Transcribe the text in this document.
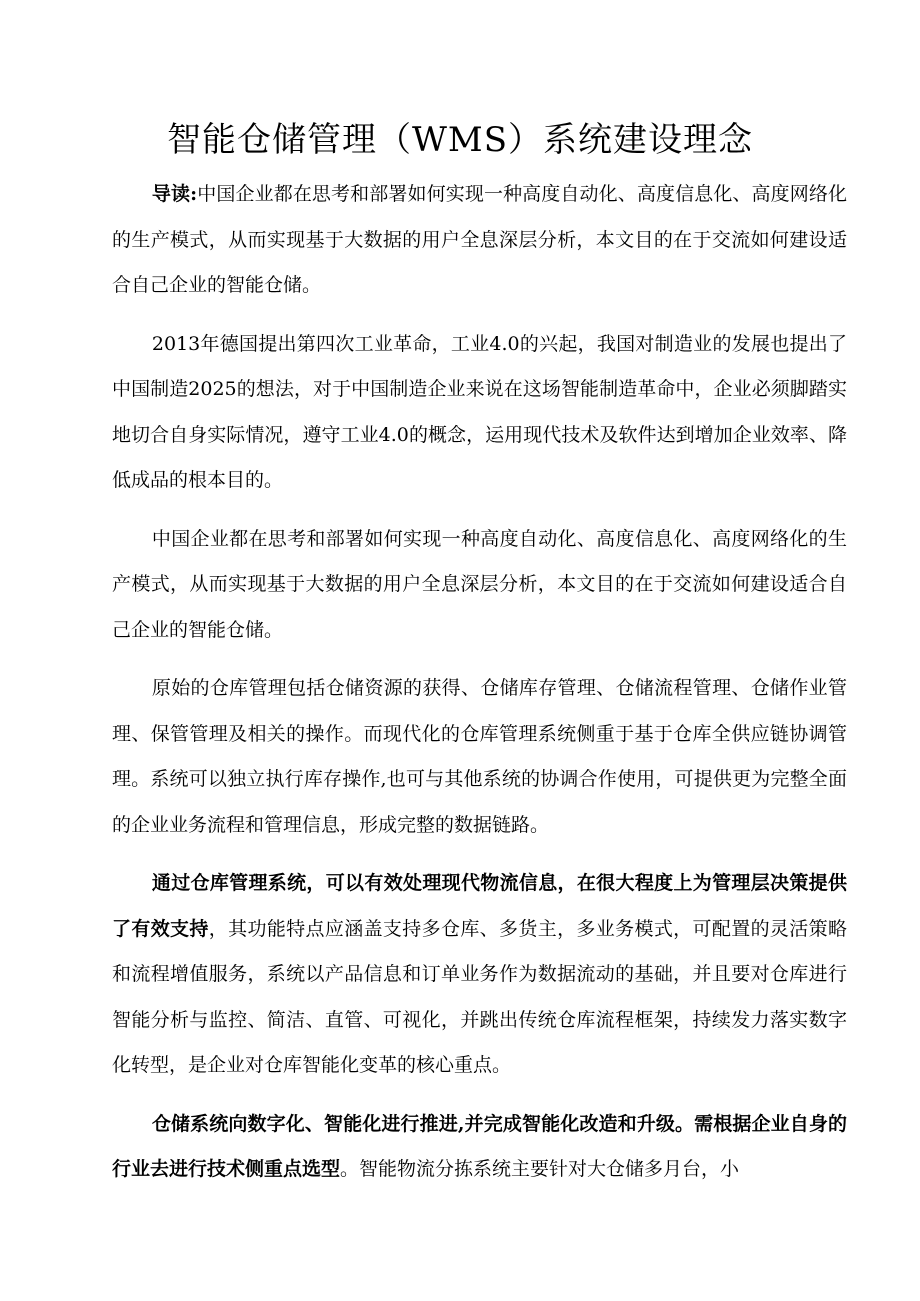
智能仓储管理（WMS）系统建设理念

导读:中国企业都在思考和部署如何实现一种高度自动化、高度信息化、高度网络化的生产模式，从而实现基于大数据的用户全息深层分析，本文目的在于交流如何建设适合自己企业的智能仓储。

2013年德国提出第四次工业革命，工业4.0的兴起，我国对制造业的发展也提出了中国制造2025的想法，对于中国制造企业来说在这场智能制造革命中，企业必须脚踏实地切合自身实际情况，遵守工业4.0的概念，运用现代技术及软件达到增加企业效率、降低成品的根本目的。

中国企业都在思考和部署如何实现一种高度自动化、高度信息化、高度网络化的生产模式，从而实现基于大数据的用户全息深层分析，本文目的在于交流如何建设适合自己企业的智能仓储。

原始的仓库管理包括仓储资源的获得、仓储库存管理、仓储流程管理、仓储作业管理、保管管理及相关的操作。而现代化的仓库管理系统侧重于基于仓库全供应链协调管理。系统可以独立执行库存操作,也可与其他系统的协调合作使用，可提供更为完整全面的企业业务流程和管理信息，形成完整的数据链路。

通过仓库管理系统，可以有效处理现代物流信息，在很大程度上为管理层决策提供了有效支持，其功能特点应涵盖支持多仓库、多货主，多业务模式，可配置的灵活策略和流程增值服务，系统以产品信息和订单业务作为数据流动的基础，并且要对仓库进行智能分析与监控、简洁、直管、可视化，并跳出传统仓库流程框架，持续发力落实数字化转型，是企业对仓库智能化变革的核心重点。

仓储系统向数字化、智能化进行推进,并完成智能化改造和升级。需根据企业自身的行业去进行技术侧重点选型。智能物流分拣系统主要针对大仓储多月台，小
